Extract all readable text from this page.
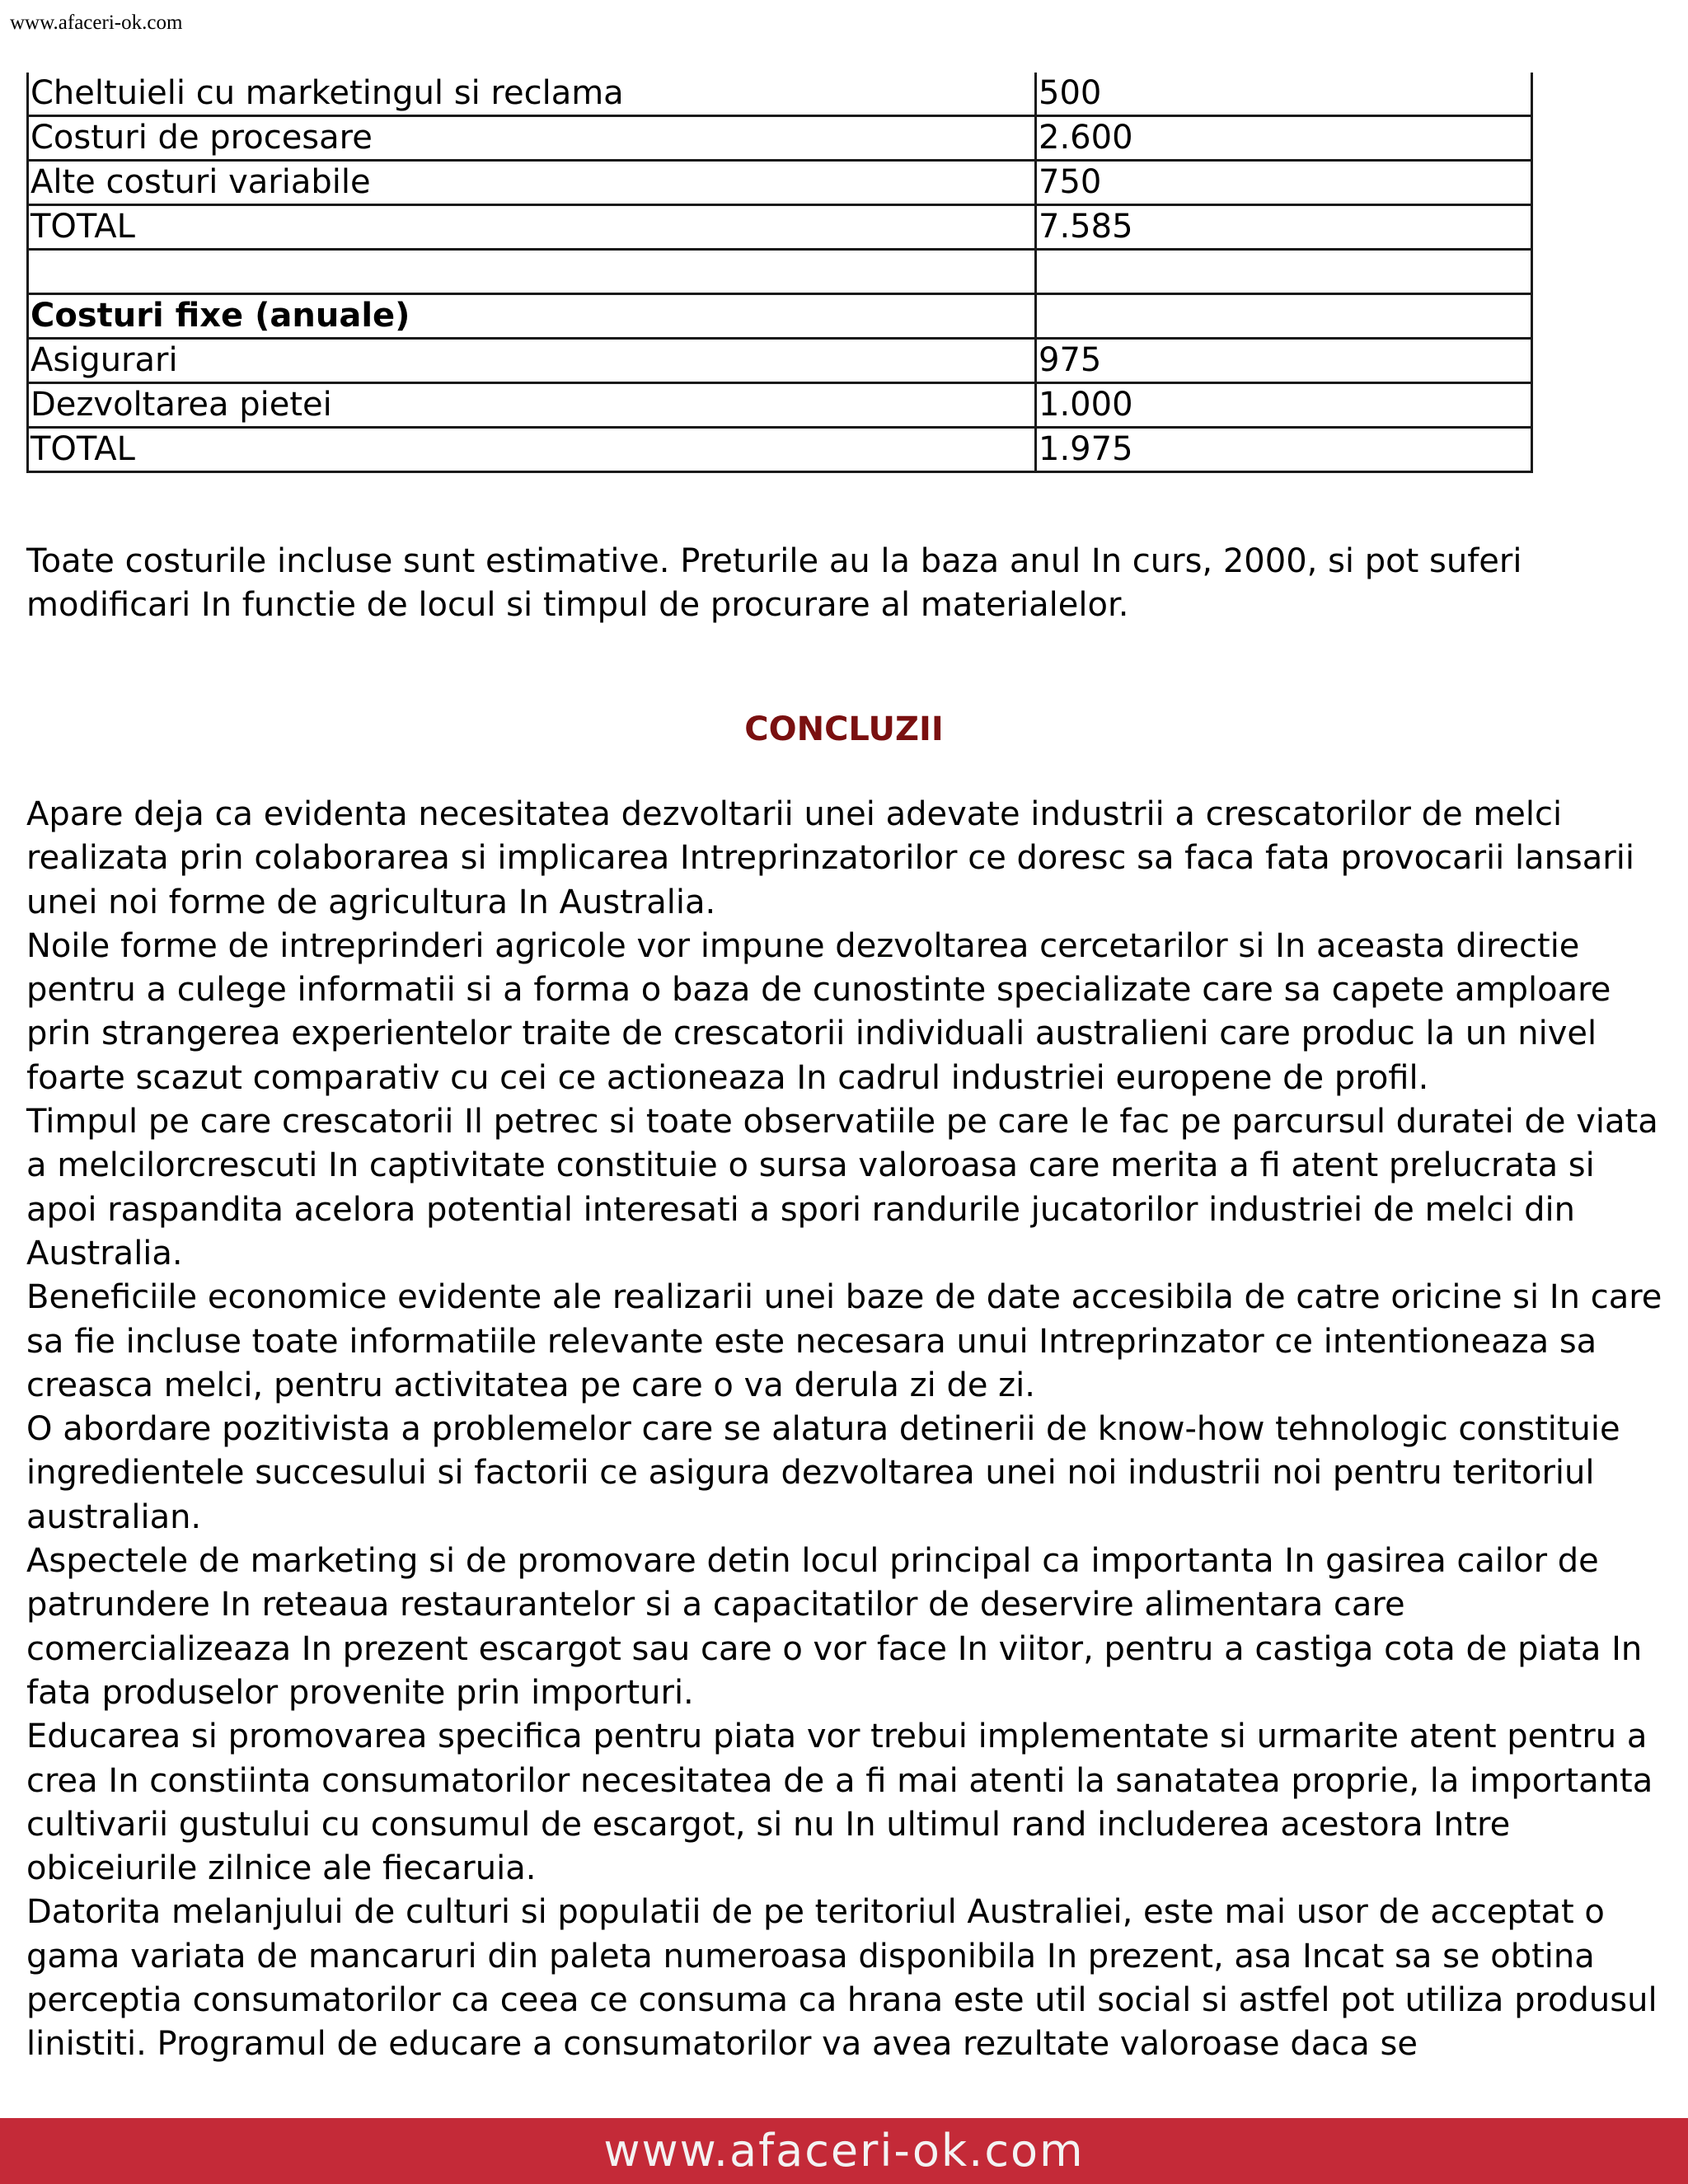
www.afaceri-ok.com
Cheltuieli cu marketingul si reclama	500
Costuri de procesare	2.600
Alte costuri variabile	750
TOTAL	7.585

Costuri fixe (anuale)	
Asigurari	975
Dezvoltarea pietei	1.000
TOTAL	1.975

Toate costurile incluse sunt estimative. Preturile au la baza anul In curs, 2000, si pot suferi modificari In functie de locul si timpul de procurare al materialelor.

CONCLUZII

Apare deja ca evidenta necesitatea dezvoltarii unei adevate industrii a crescatorilor de melci realizata prin colaborarea si implicarea Intreprinzatorilor ce doresc sa faca fata provocarii lansarii unei noi forme de agricultura In Australia.

Noile forme de intreprinderi agricole vor impune dezvoltarea cercetarilor si In aceasta directie pentru a culege informatii si a forma o baza de cunostinte specializate care sa capete amploare prin strangerea experientelor traite de crescatorii individuali australieni care produc la un nivel foarte scazut comparativ cu cei ce actioneaza In cadrul industriei europene de profil.

Timpul pe care crescatorii Il petrec si toate observatiile pe care le fac pe parcursul duratei de viata a melcilorcrescuti In captivitate constituie o sursa valoroasa care merita a fi atent prelucrata si apoi raspandita acelora potential interesati a spori randurile jucatorilor industriei de melci din Australia.

Beneficiile economice evidente ale realizarii unei baze de date accesibila de catre oricine si In care sa fie incluse toate informatiile relevante este necesara unui Intreprinzator ce intentioneaza sa creasca melci, pentru activitatea pe care o va derula zi de zi.

O abordare pozitivista a problemelor care se alatura detinerii de know-how tehnologic constituie ingredientele succesului si factorii ce asigura dezvoltarea unei noi industrii noi pentru teritoriul australian.

Aspectele de marketing si de promovare detin locul principal ca importanta In gasirea cailor de patrundere In reteaua restaurantelor si a capacitatilor de deservire alimentara care comercializeaza In prezent escargot sau care o vor face In viitor, pentru a castiga cota de piata In fata produselor provenite prin importuri.

Educarea si promovarea specifica pentru piata vor trebui implementate si urmarite atent pentru a crea In constiinta consumatorilor necesitatea de a fi mai atenti la sanatatea proprie, la importanta cultivarii gustului cu consumul de escargot, si nu In ultimul rand includerea acestora Intre obiceiurile zilnice ale fiecaruia.

Datorita melanjului de culturi si populatii de pe teritoriul Australiei, este mai usor de acceptat o gama variata de mancaruri din paleta numeroasa disponibila In prezent, asa Incat sa se obtina perceptia consumatorilor ca ceea ce consuma ca hrana este util social si astfel pot utiliza produsul linistiti. Programul de educare a consumatorilor va avea rezultate valoroase daca se

www.afaceri-ok.com
